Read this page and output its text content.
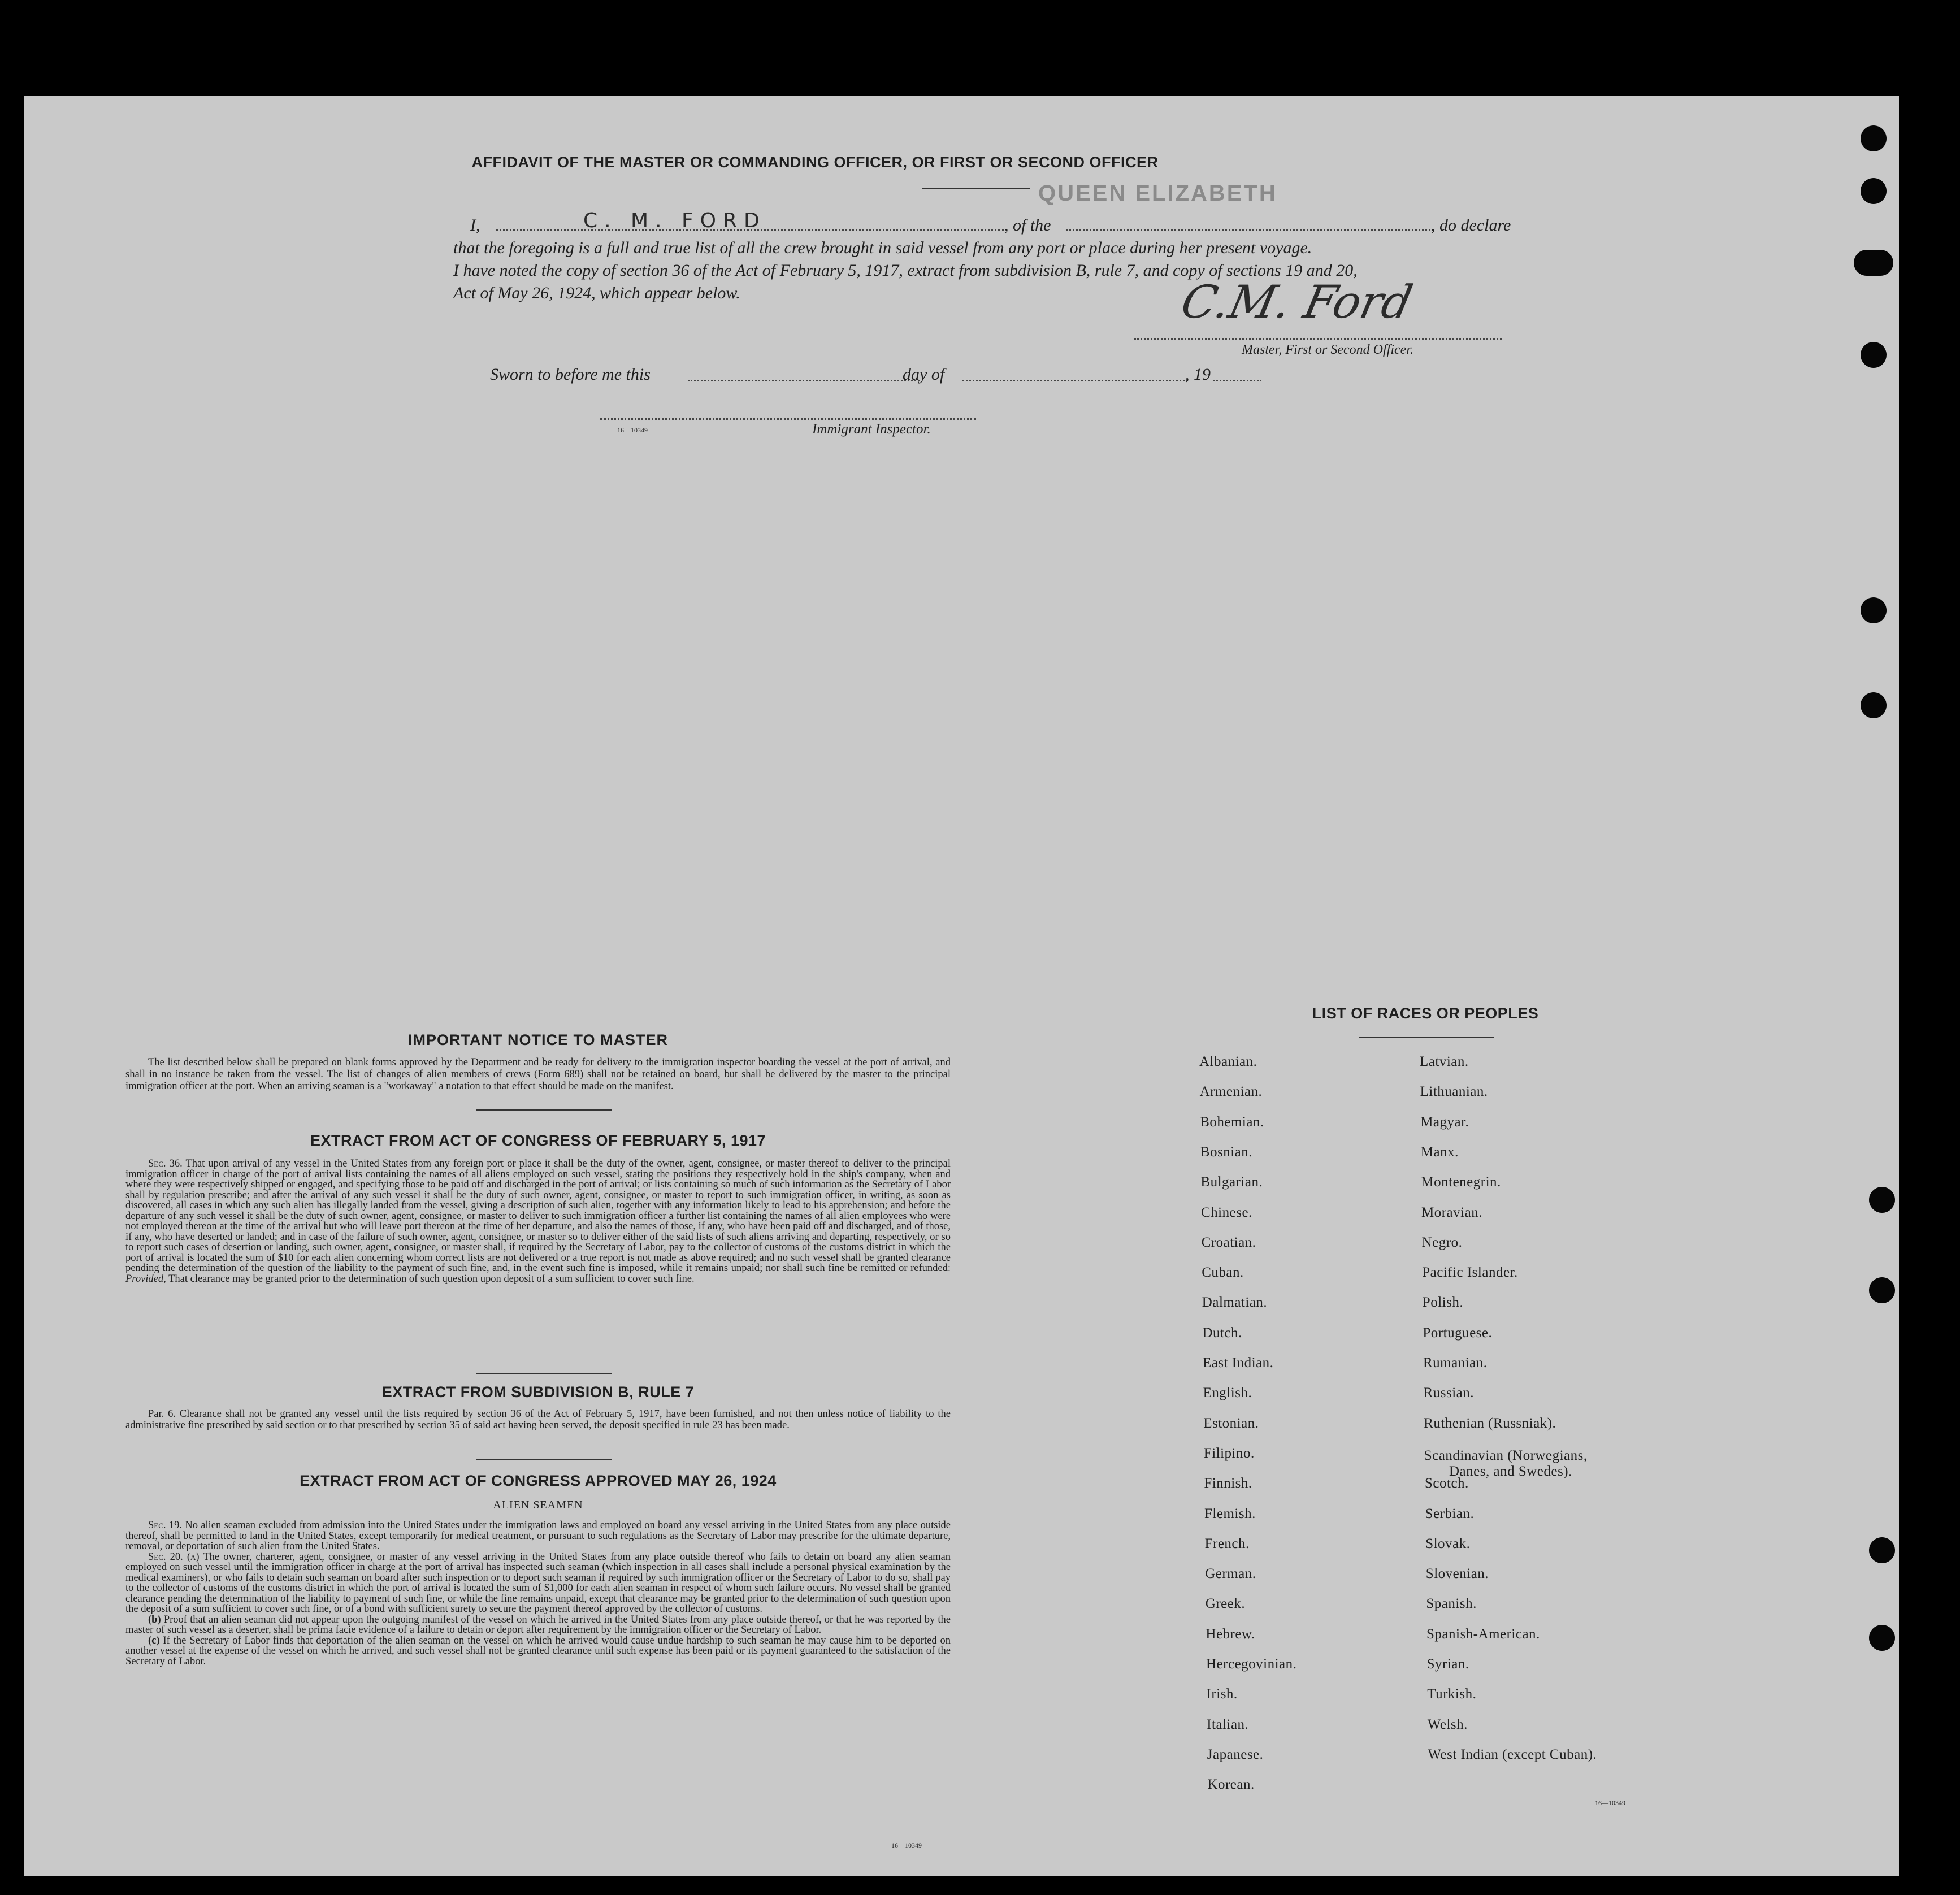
AFFIDAVIT OF THE MASTER OR COMMANDING OFFICER, OR FIRST OR SECOND OFFICER
QUEEN ELIZABETH
I,	C. M. FORD	, of the	, do declare
that the foregoing is a full and true list of all the crew brought in said vessel from any port or place during her present voyage.
I have noted the copy of section 36 of the Act of February 5, 1917, extract from subdivision B, rule 7, and copy of sections 19 and 20,
Act of May 26, 1924, which appear below.	C.M. Ford
Master, First or Second Officer.
Sworn to before me this	day of	, 19
16—10349	Immigrant Inspector.
IMPORTANT NOTICE TO MASTER
The list described below shall be prepared on blank forms approved by the Department and be ready for delivery to the immigration inspector boarding the vessel at the port of arrival, and shall in no instance be taken from the vessel. The list of changes of alien members of crews (Form 689) shall not be retained on board, but shall be delivered by the master to the principal immigration officer at the port. When an arriving seaman is a "workaway" a notation to that effect should be made on the manifest.
EXTRACT FROM ACT OF CONGRESS OF FEBRUARY 5, 1917
Sec. 36. That upon arrival of any vessel in the United States from any foreign port or place it shall be the duty of the owner, agent, consignee, or master thereof to deliver to the principal immigration officer in charge of the port of arrival lists containing the names of all aliens employed on such vessel, stating the positions they respectively hold in the ship's company, when and where they were respectively shipped or engaged, and specifying those to be paid off and discharged in the port of arrival; or lists containing so much of such information as the Secretary of Labor shall by regulation prescribe; and after the arrival of any such vessel it shall be the duty of such owner, agent, consignee, or master to report to such immigration officer, in writing, as soon as discovered, all cases in which any such alien has illegally landed from the vessel, giving a description of such alien, together with any information likely to lead to his apprehension; and before the departure of any such vessel it shall be the duty of such owner, agent, consignee, or master to deliver to such immigration officer a further list containing the names of all alien employees who were not employed thereon at the time of the arrival but who will leave port thereon at the time of her departure, and also the names of those, if any, who have been paid off and discharged, and of those, if any, who have deserted or landed; and in case of the failure of such owner, agent, consignee, or master so to deliver either of the said lists of such aliens arriving and departing, respectively, or so to report such cases of desertion or landing, such owner, agent, consignee, or master shall, if required by the Secretary of Labor, pay to the collector of customs of the customs district in which the port of arrival is located the sum of $10 for each alien concerning whom correct lists are not delivered or a true report is not made as above required; and no such vessel shall be granted clearance pending the determination of the question of the liability to the payment of such fine, and, in the event such fine is imposed, while it remains unpaid; nor shall such fine be remitted or refunded: Provided, That clearance may be granted prior to the determination of such question upon deposit of a sum sufficient to cover such fine.
EXTRACT FROM SUBDIVISION B, RULE 7
Par. 6. Clearance shall not be granted any vessel until the lists required by section 36 of the Act of February 5, 1917, have been furnished, and not then unless notice of liability to the administrative fine prescribed by said section or to that prescribed by section 35 of said act having been served, the deposit specified in rule 23 has been made.
EXTRACT FROM ACT OF CONGRESS APPROVED MAY 26, 1924
ALIEN SEAMEN
Sec. 19. No alien seaman excluded from admission into the United States under the immigration laws and employed on board any vessel arriving in the United States from any place outside thereof, shall be permitted to land in the United States, except temporarily for medical treatment, or pursuant to such regulations as the Secretary of Labor may prescribe for the ultimate departure, removal, or deportation of such alien from the United States.
Sec. 20. (a) The owner, charterer, agent, consignee, or master of any vessel arriving in the United States from any place outside thereof who fails to detain on board any alien seaman employed on such vessel until the immigration officer in charge at the port of arrival has inspected such seaman (which inspection in all cases shall include a personal physical examination by the medical examiners), or who fails to detain such seaman on board after such inspection or to deport such seaman if required by such immigration officer or the Secretary of Labor to do so, shall pay to the collector of customs of the customs district in which the port of arrival is located the sum of $1,000 for each alien seaman in respect of whom such failure occurs. No vessel shall be granted clearance pending the determination of the liability to payment of such fine, or while the fine remains unpaid, except that clearance may be granted prior to the determination of such question upon the deposit of a sum sufficient to cover such fine, or of a bond with sufficient surety to secure the payment thereof approved by the collector of customs.
(b) Proof that an alien seaman did not appear upon the outgoing manifest of the vessel on which he arrived in the United States from any place outside thereof, or that he was reported by the master of such vessel as a deserter, shall be prima facie evidence of a failure to detain or deport after requirement by the immigration officer or the Secretary of Labor.
(c) If the Secretary of Labor finds that deportation of the alien seaman on the vessel on which he arrived would cause undue hardship to such seaman he may cause him to be deported on another vessel at the expense of the vessel on which he arrived, and such vessel shall not be granted clearance until such expense has been paid or its payment guaranteed to the satisfaction of the Secretary of Labor.
16—10349
LIST OF RACES OR PEOPLES
16—10349
Albanian.
Armenian.
Bohemian.
Bosnian.
Bulgarian.
Chinese.
Croatian.
Cuban.
Dalmatian.
Dutch.
East Indian.
English.
Estonian.
Filipino.
Finnish.
Flemish.
French.
German.
Greek.
Hebrew.
Hercegovinian.
Irish.
Italian.
Japanese.
Korean.
Latvian.
Lithuanian.
Magyar.
Manx.
Montenegrin.
Moravian.
Negro.
Pacific Islander.
Polish.
Portuguese.
Rumanian.
Russian.
Ruthenian (Russniak).
Scandinavian (Norwegians,
Danes, and Swedes).
Scotch.
Serbian.
Slovak.
Slovenian.
Spanish.
Spanish-American.
Syrian.
Turkish.
Welsh.
West Indian (except Cuban).
